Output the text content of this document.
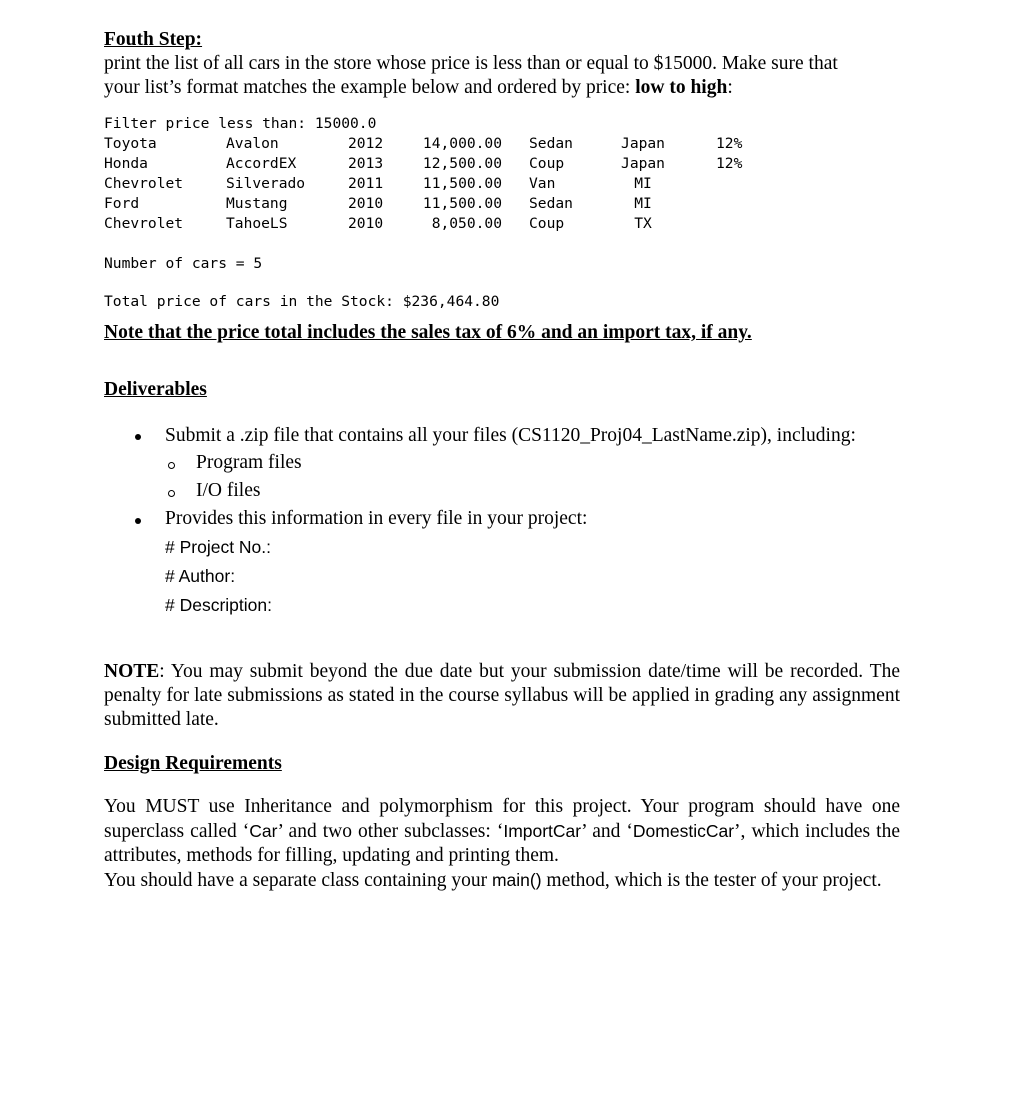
Fouth Step:

print the list of all cars in the store whose price is less than or equal to $15000. Make sure that
your list’s format matches the example below and ordered by price: low to high:

Filter price less than: 15000.0
Toyota	Avalon	2012	14,000.00 Sedan	Japan	12%
Honda	AccordEX	2013	12,500.00 Coup	Japan	12%
Chevrolet	Silverado	2011	11,500.00 Van	MI
Ford	Mustang	2010	11,500.00 Sedan	MI
Chevrolet	TahoeLS	2010	8,050.00 Coup	TX
Number of cars = 5
Total price of cars in the Stock: $236,464.80
Note that the price total includes the sales tax of 6% and an import tax, if any.
Deliverables
Submit a .zip file that contains all your files (CS1120_Proj04_LastName.zip), including:
Program files
I/O files
Provides this information in every file in your project:
# Project No.:
# Author:
# Description:
NOTE: You may submit beyond the due date but your submission date/time will be recorded. The penalty for late submissions as stated in the course syllabus will be applied in grading any assignment submitted late.
Design Requirements
You MUST use Inheritance and polymorphism for this project. Your program should have one superclass called ‘Car’ and two other subclasses: ‘ImportCar’ and ‘DomesticCar’, which includes the attributes, methods for filling, updating and printing them.
You should have a separate class containing your main() method, which is the tester of your project.
